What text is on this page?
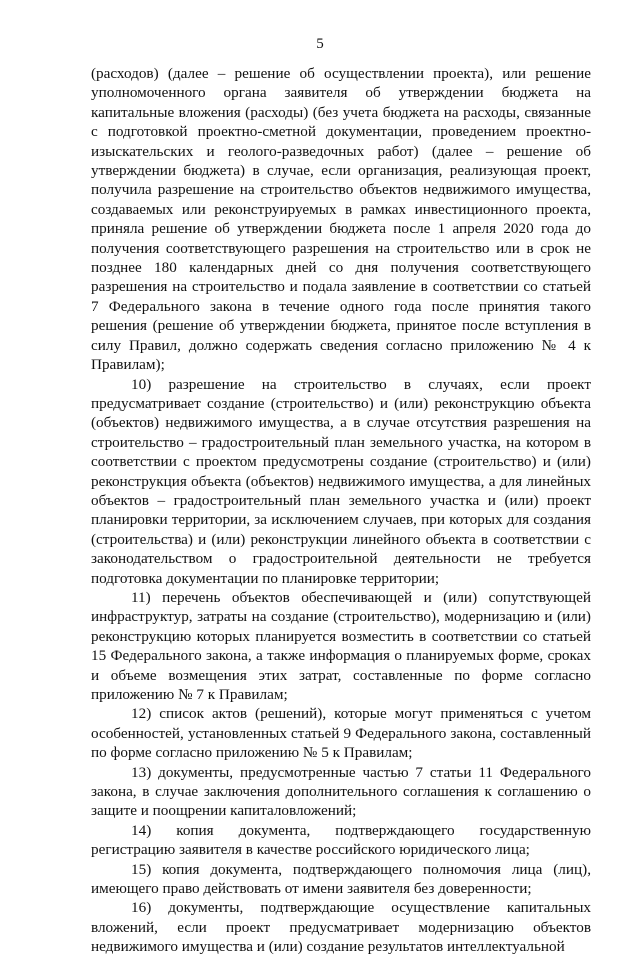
5

(расходов) (далее – решение об осуществлении проекта), или решение уполномоченного органа заявителя об утверждении бюджета на капитальные вложения (расходы) (без учета бюджета на расходы, связанные с подготовкой проектно-сметной документации, проведением проектно-изыскательских и геолого-разведочных работ) (далее – решение об утверждении бюджета) в случае, если организация, реализующая проект, получила разрешение на строительство объектов недвижимого имущества, создаваемых или реконструируемых в рамках инвестиционного проекта, приняла решение об утверждении бюджета после 1 апреля 2020 года до получения соответствующего разрешения на строительство или в срок не позднее 180 календарных дней со дня получения соответствующего разрешения на строительство и подала заявление в соответствии со статьей 7 Федерального закона в течение одного года после принятия такого решения (решение об утверждении бюджета, принятое после вступления в силу Правил, должно содержать сведения согласно приложению № 4 к Правилам);

10) разрешение на строительство в случаях, если проект предусматривает создание (строительство) и (или) реконструкцию объекта (объектов) недвижимого имущества, а в случае отсутствия разрешения на строительство – градостроительный план земельного участка, на котором в соответствии с проектом предусмотрены создание (строительство) и (или) реконструкция объекта (объектов) недвижимого имущества, а для линейных объектов – градостроительный план земельного участка и (или) проект планировки территории, за исключением случаев, при которых для создания (строительства) и (или) реконструкции линейного объекта в соответствии с законодательством о градостроительной деятельности не требуется подготовка документации по планировке территории;

11) перечень объектов обеспечивающей и (или) сопутствующей инфраструктур, затраты на создание (строительство), модернизацию и (или) реконструкцию которых планируется возместить в соответствии со статьей 15 Федерального закона, а также информация о планируемых форме, сроках и объеме возмещения этих затрат, составленные по форме согласно приложению № 7 к Правилам;

12) список актов (решений), которые могут применяться с учетом особенностей, установленных статьей 9 Федерального закона, составленный по форме согласно приложению № 5 к Правилам;

13) документы, предусмотренные частью 7 статьи 11 Федерального закона, в случае заключения дополнительного соглашения к соглашению о защите и поощрении капиталовложений;

14) копия документа, подтверждающего государственную регистрацию заявителя в качестве российского юридического лица;

15) копия документа, подтверждающего полномочия лица (лиц), имеющего право действовать от имени заявителя без доверенности;

16) документы, подтверждающие осуществление капитальных вложений, если проект предусматривает модернизацию объектов недвижимого имущества и (или) создание результатов интеллектуальной
